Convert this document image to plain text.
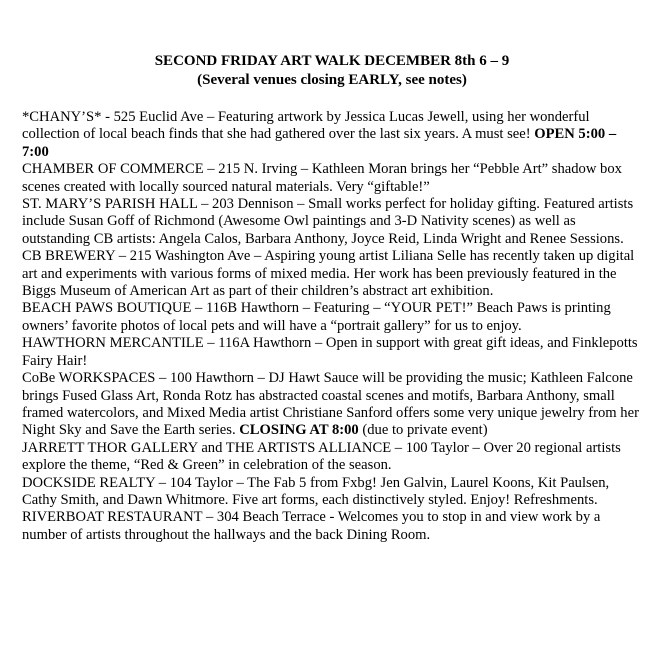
SECOND FRIDAY ART WALK DECEMBER 8th 6 – 9

(Several venues closing EARLY, see notes)

*CHANY’S* - 525 Euclid Ave – Featuring artwork by Jessica Lucas Jewell, using her wonderful collection of local beach finds that she had gathered over the last six years. A must see! OPEN 5:00 – 7:00

CHAMBER OF COMMERCE – 215 N. Irving – Kathleen Moran brings her “Pebble Art” shadow box scenes created with locally sourced natural materials. Very “giftable!”

ST. MARY’S PARISH HALL – 203 Dennison – Small works perfect for holiday gifting. Featured artists include Susan Goff of Richmond (Awesome Owl paintings and 3-D Nativity scenes) as well as outstanding CB artists: Angela Calos, Barbara Anthony, Joyce Reid, Linda Wright and Renee Sessions.

CB BREWERY – 215 Washington Ave – Aspiring young artist Liliana Selle has recently taken up digital art and experiments with various forms of mixed media. Her work has been previously featured in the Biggs Museum of American Art as part of their children’s abstract art exhibition.

BEACH PAWS BOUTIQUE – 116B Hawthorn – Featuring – “YOUR PET!” Beach Paws is printing owners’ favorite photos of local pets and will have a “portrait gallery” for us to enjoy.

HAWTHORN MERCANTILE – 116A Hawthorn – Open in support with great gift ideas, and Finklepotts Fairy Hair!

CoBe WORKSPACES – 100 Hawthorn – DJ Hawt Sauce will be providing the music; Kathleen Falcone brings Fused Glass Art, Ronda Rotz has abstracted coastal scenes and motifs, Barbara Anthony, small framed watercolors, and Mixed Media artist Christiane Sanford offers some very unique jewelry from her Night Sky and Save the Earth series. CLOSING AT 8:00 (due to private event)

JARRETT THOR GALLERY and THE ARTISTS ALLIANCE – 100 Taylor – Over 20 regional artists explore the theme, “Red & Green” in celebration of the season.

DOCKSIDE REALTY – 104 Taylor – The Fab 5 from Fxbg! Jen Galvin, Laurel Koons, Kit Paulsen, Cathy Smith, and Dawn Whitmore. Five art forms, each distinctively styled. Enjoy! Refreshments.

RIVERBOAT RESTAURANT – 304 Beach Terrace - Welcomes you to stop in and view work by a number of artists throughout the hallways and the back Dining Room.
